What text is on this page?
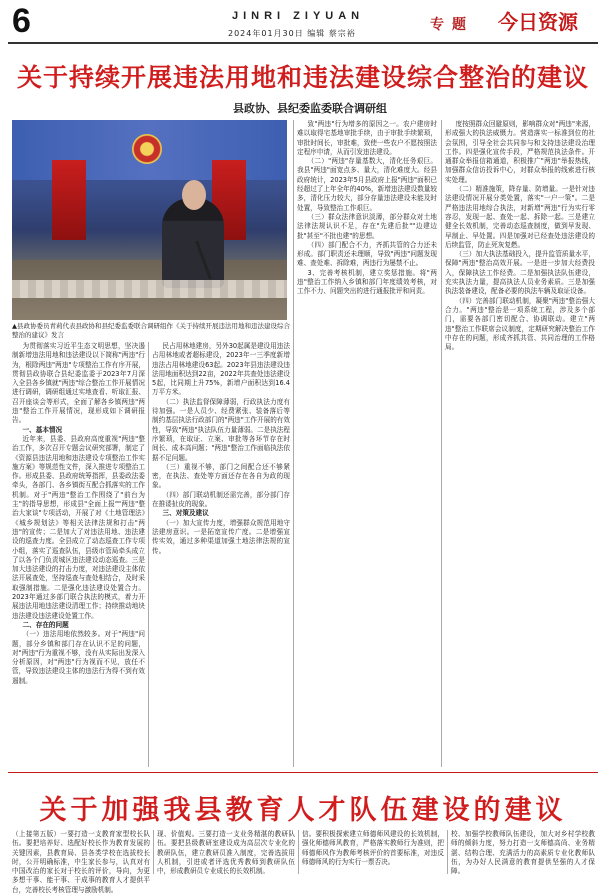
6	JINRI ZIYUAN
2024年01月30日 编辑 蔡宗裕
专题 今日资源
关于持续开展违法用地和违法建设综合整治的建议
县政协、县纪委监委联合调研组
▲县政协委员青莉代表县政协和县纪委监委联合调研组作《关于持续开展违法用地和违法建设综合整治的建议》发言

为贯彻落实习近平生态文明思想，坚决遏制新增违法用地和违法建设以下简称"两违"行为，根除两违"两违"专项整治工作有序开展，贯彻县政协联合县纪委监委于2023年7月深入全县各乡镇就"两违"综合整治工作开展情况进行调研，调研组通过实地查看、听取汇报、召开座谈会等形式，全面了解各乡镇两违"两违"整治工作开展情况，现形成如下调研报告。

一、基本情况

近年来，县委、县政府高度重视"两违"整治工作，多次召开专题会议研究部署，制定了《资源县违法用地和违法建设专项整治工作实施方案》等规范性文件，深入推进专项整治工作。形成县委、县政府统筹指挥，县委政法委牵头，各部门、各乡镇街互配合抓落实的工作机制。对于"两违"整治工作围绕了"前台为主"的指导思想，形成县"全面上报""两违"整治大家谈"专项活动，开展了对《土地管理法》《城乡规划法》等相关法律法规和打击"两违"的宣传；二是加大了对违法用地、违法建设的巡查力度。全县成立了动态巡查工作专项小组，落实了巡查队伍，县级市管局牵头成立了以各个门负责城区违法建设动态巡查。三是加大违法建设的打击力度，对违法建设主体依法开展查处，坚持巡查与查处相结合，及时采取强制措施。二是强化违法建设处置合力。2023年通过多部门联合执法的模式，着力开展违法用地违法建设清理工作；持续推动地块违法建设违法建设处置工作。

二、存在的问题

（一）违法用地依然较多。对于"两违"问题，部分乡镇和部门存在认识不足的问题，对"两违"行为重视不够，没有从实际出发深入分析原因，对"两违"行为视而不见，放任不管，导致违法建设主体的违法行为得不到有效遏制。

民占用林地建房，另外30起属是建设用违法占用林地或者超标建设，2023年一三季度新增违法占用林地建设63起。2023年县违法建设违法用地面积达到22亩，2022年共查处违法建设5起，比同期上升75%，新增户面积达到16.4万平方米。

（二）执法监督保障薄弱，行政执法力度有待加强。一是人员少、经费紧张、装备落后等制约基层执法行政部门的"两违"工作开展的有效性，导致"两违"执法队伍力量薄弱。二是执法程序繁琐，在取证、立案、审批等各环节存在时间长、成本高问题；"两违"整治工作面临执法依据不足问题。

（三）重视不够，部门之间配合还不够紧密，在执法、查处等方面还存在各自为政的现象。

（四）部门联动机制还需完善，部分部门存在推诿扯皮的现象。

三、对策及建议

（一）加大宣传力度，增强群众规范用地守法建房意识。一是拓宽宣传广度。二是增强宣传实效，通过多种渠道加强土地法律法规的宣传。

致"两违"行为增多的原因之一。农户建房时难以取得宅基地审批手续，由于审批手续繁琐，审批时间长，审批难，致使一些农户不愿按照法定程序申请，从而引发违法建设。

（二）"两违"存量基数大，清化任务艰巨。我县"两违"面宽点多、量大，清化难度大。经县政府统计，2023年5月县政府上报"两违"面积已经超过了上年全年的40%，新增违法建设数量较多，清化压力较大，部分存量违法建设未能及时处置，导致整治工作艰巨。

（三）群众法律意识淡薄，部分群众对土地法律法规认识不足，存在"先建后批""边建边批"甚至"不批也建"的思想。

（四）部门配合不力，齐抓共管的合力还未形成。部门职责还未理顺，导致"两违"问题发现难、查处难、拆除难，两违行为屡禁不止。

3、完善考核机制，建立奖惩措施。将"两违"整治工作纳入乡镇和部门年度绩效考核，对工作不力、问题突出的进行通报批评和问责。

度按照群众回避原则，影响群众对"两违"来源，形成强大的执法威慑力。营造落实一标准到位的社会氛围，引导全社会共同参与和支持违法建设治理工作。四是强化宣传手段，严格规范执法条件。开通群众举报信箱通道，积极推广"两违"举报热线，加强群众信访投诉中心，对群众举报的线索进行核实处理。

（二）精准施策，降存量、防增量。一是针对违法建设情况开展分类处置，落实"一户一策"。二是严格违法用地综合执法，对新增"两违"行为实行零容忍，发现一起、查处一起、拆除一起。三是建立健全长效机制，完善动态巡查制度，做到早发现、早制止、早处置。四是加强对已经查处违法建设的后续监管，防止死灰复燃。

（三）加大执法基础投入，提升监管质量水平，保障"两违"整治高效开展。一是进一步加大经费投入，保障执法工作经费。二是加强执法队伍建设，充实执法力量，提高执法人员业务素质。三是加强执法装备建设，配备必要的执法车辆及取证设备。

（四）完善部门联动机制，凝聚"两违"整治强大合力。"两违"整治是一项系统工程，涉及多个部门，需要各部门密切配合、协调联动。建立"两违"整治工作联席会议制度，定期研究解决整治工作中存在的问题，形成齐抓共管、共同治理的工作格局。

关于加强我县教育人才队伍建设的建议

（上接第五版）一要打造一支教育家型校长队伍。要把培养好、选配好校长作为教育发展的关键因素，县教育局、县各类学校在选拔校长时，公开明确标准，中生家长参与，认真对有中国改治的家长对于校长的评价，导向，为更多想干事、能干事、干成事的教育人才提供平台，完善校长考核管理与激励机制。

现、价值观。三要打造一支业务精湛的教研队伍。要把县级教研室建设成为高层次专业化的教研队伍，建立教研员准入制度，完善选拔用人机制，引进或者评选优秀教师到教研队伍中，形成教研员专业成长的长效机制。

信。要积极探索建立师德师风建设的长效机制，强化师德师风教育，严格落实教师行为准则，把师德师风作为教师考核评价的首要标准，对违反师德师风的行为实行一票否决。

校、加强学校教师队伍建设，加大对乡村学校教师的倾斜力度，努力打造一支师德高尚、业务精湛、结构合理、充满活力的高素质专业化教师队伍，为办好人民满意的教育提供坚强的人才保障。
